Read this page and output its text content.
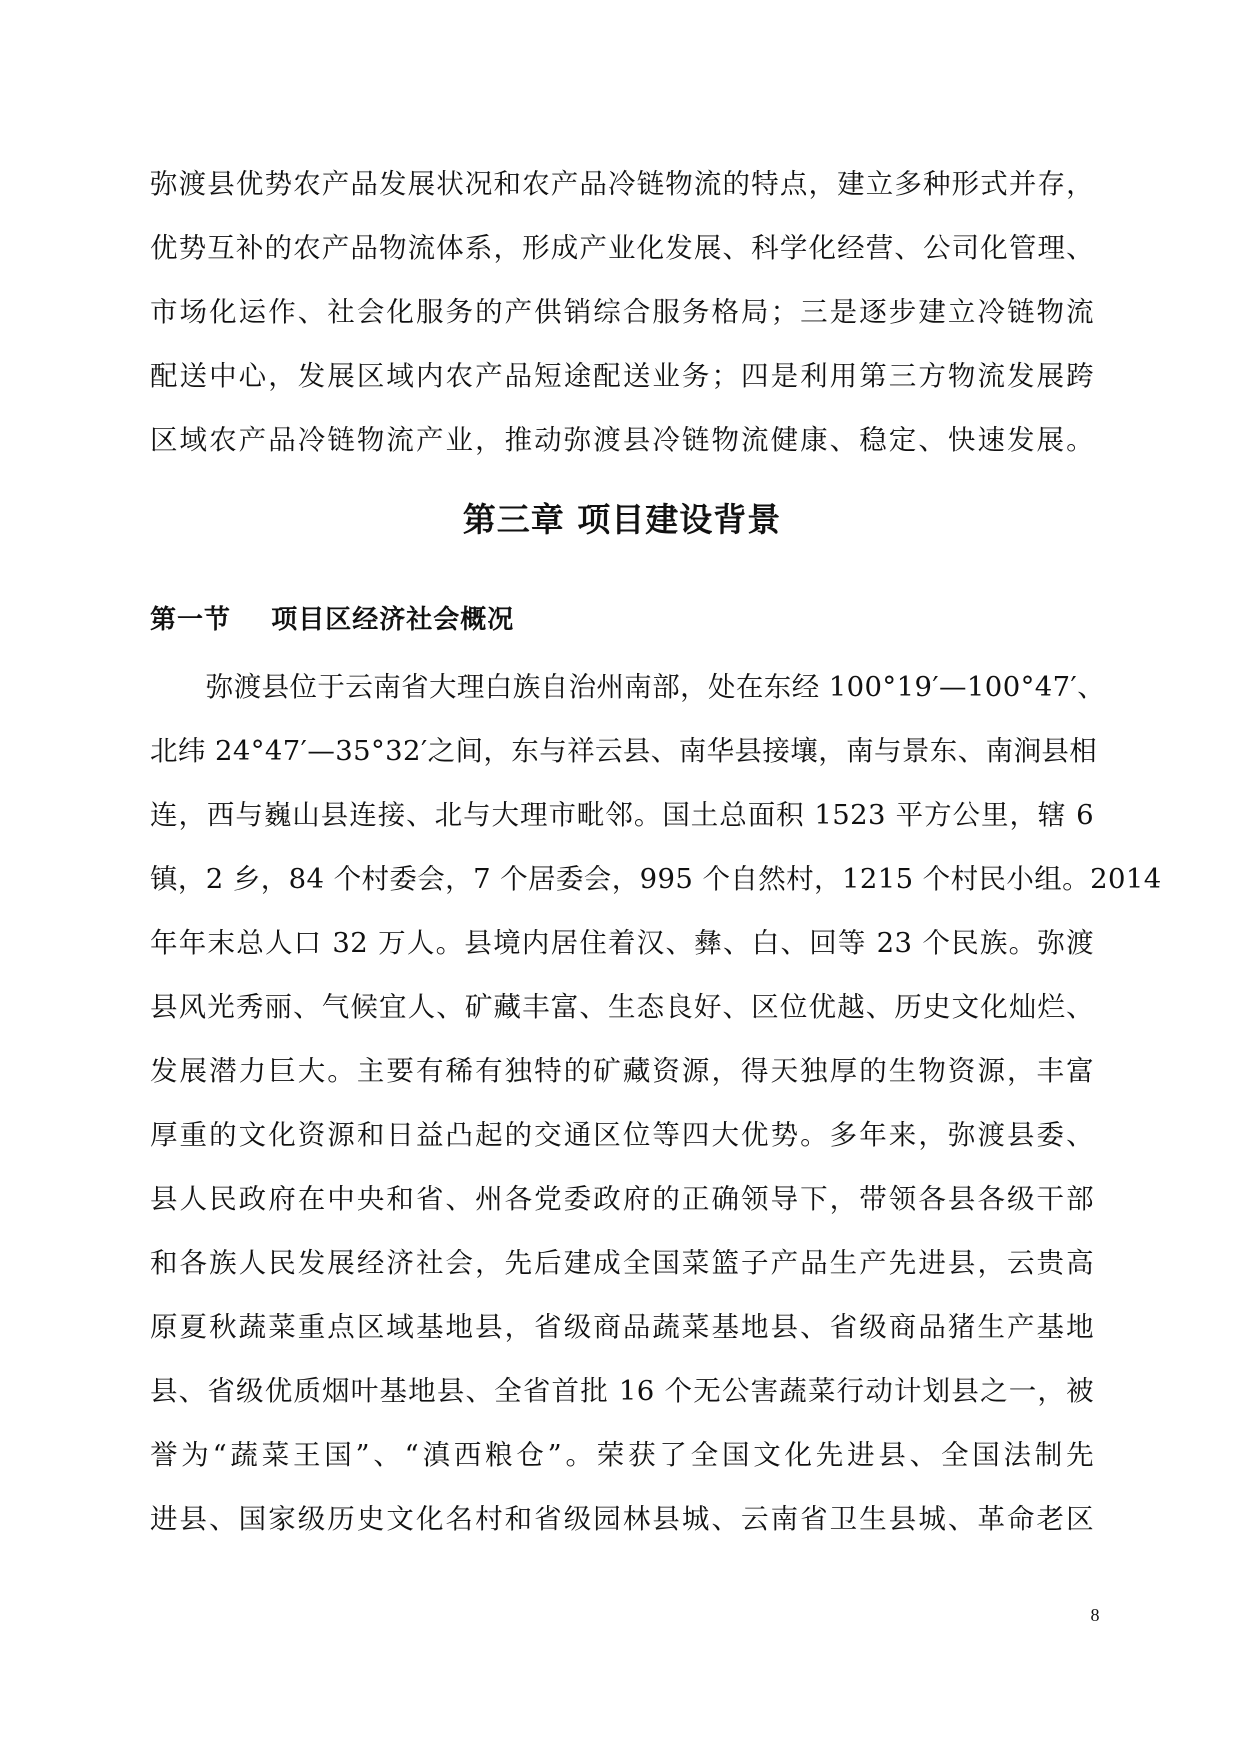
弥渡县优势农产品发展状况和农产品冷链物流的特点，建立多种形式并存，
优势互补的农产品物流体系，形成产业化发展、科学化经营、公司化管理、
市场化运作、社会化服务的产供销综合服务格局；三是逐步建立冷链物流
配送中心，发展区域内农产品短途配送业务；四是利用第三方物流发展跨
区域农产品冷链物流产业，推动弥渡县冷链物流健康、稳定、快速发展。
第三章 项目建设背景
第一节    项目区经济社会概况
　　弥渡县位于云南省大理白族自治州南部，处在东经 100°19′—100°47′、
北纬 24°47′—35°32′之间，东与祥云县、南华县接壤，南与景东、南涧县相
连，西与巍山县连接、北与大理市毗邻。国土总面积 1523 平方公里，辖 6
镇，2 乡，84 个村委会，7 个居委会，995 个自然村，1215 个村民小组。2014
年年末总人口 32 万人。县境内居住着汉、彝、白、回等 23 个民族。弥渡
县风光秀丽、气候宜人、矿藏丰富、生态良好、区位优越、历史文化灿烂、
发展潜力巨大。主要有稀有独特的矿藏资源，得天独厚的生物资源，丰富
厚重的文化资源和日益凸起的交通区位等四大优势。多年来，弥渡县委、
县人民政府在中央和省、州各党委政府的正确领导下，带领各县各级干部
和各族人民发展经济社会，先后建成全国菜篮子产品生产先进县，云贵高
原夏秋蔬菜重点区域基地县，省级商品蔬菜基地县、省级商品猪生产基地
县、省级优质烟叶基地县、全省首批 16 个无公害蔬菜行动计划县之一，被
誉为“蔬菜王国”、“滇西粮仓”。荣获了全国文化先进县、全国法制先
进县、国家级历史文化名村和省级园林县城、云南省卫生县城、革命老区
8
